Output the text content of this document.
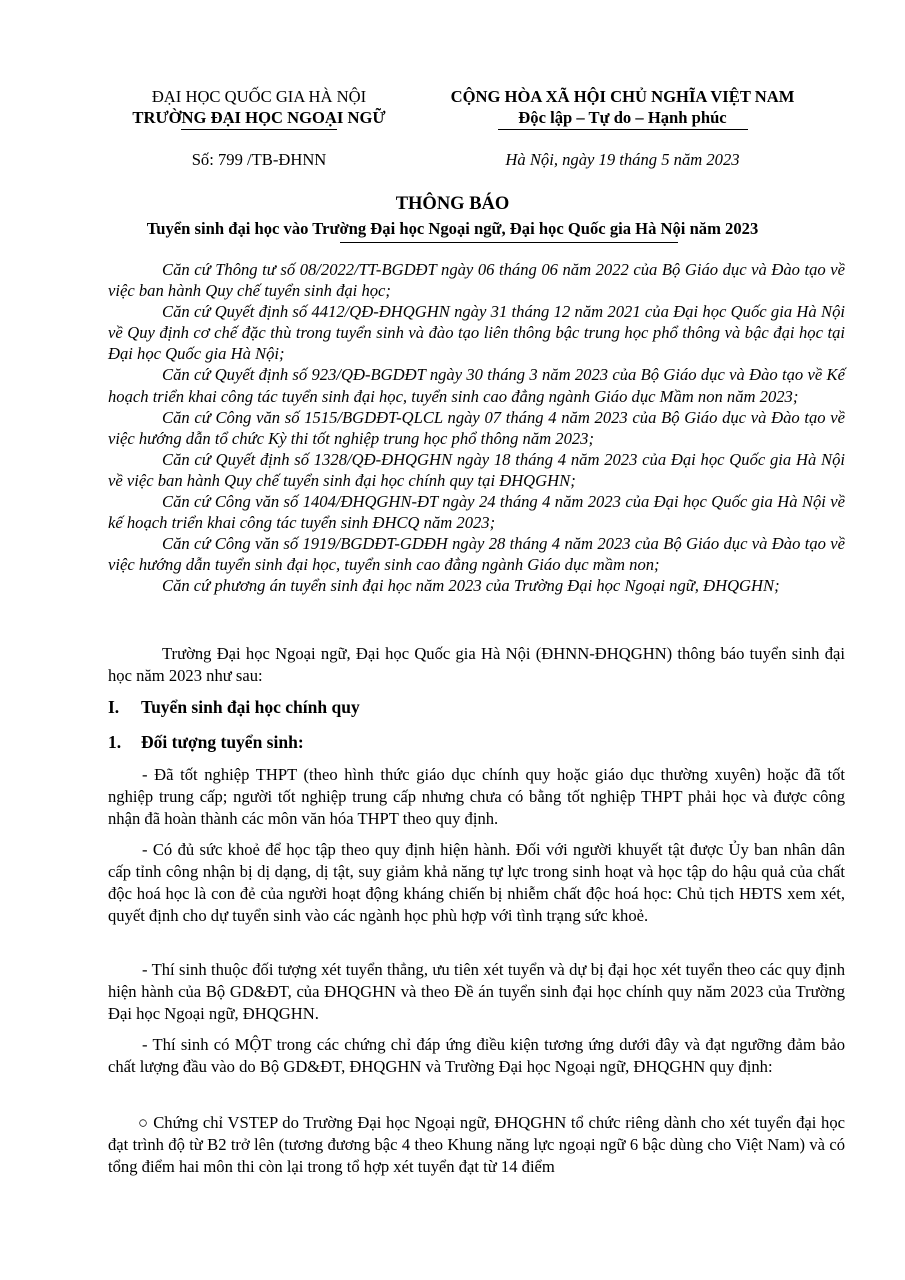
ĐẠI HỌC QUỐC GIA HÀ NỘI
TRƯỜNG ĐẠI HỌC NGOẠI NGỮ
CỘNG HÒA XÃ HỘI CHỦ NGHĨA VIỆT NAM
Độc lập – Tự do – Hạnh phúc
Số: 799 /TB-ĐHNN	Hà Nội, ngày 19 tháng 5 năm 2023
THÔNG BÁO
Tuyển sinh đại học vào Trường Đại học Ngoại ngữ, Đại học Quốc gia Hà Nội năm 2023

Căn cứ Thông tư số 08/2022/TT-BGDĐT ngày 06 tháng 06 năm 2022 của Bộ Giáo dục và Đào tạo về việc ban hành Quy chế tuyển sinh đại học;

Căn cứ Quyết định số 4412/QĐ-ĐHQGHN ngày 31 tháng 12 năm 2021 của Đại học Quốc gia Hà Nội về Quy định cơ chế đặc thù trong tuyển sinh và đào tạo liên thông bậc trung học phổ thông và bậc đại học tại Đại học Quốc gia Hà Nội;

Căn cứ Quyết định số 923/QĐ-BGDĐT ngày 30 tháng 3 năm 2023 của Bộ Giáo dục và Đào tạo về Kế hoạch triển khai công tác tuyển sinh đại học, tuyển sinh cao đẳng ngành Giáo dục Mầm non năm 2023;

Căn cứ Công văn số 1515/BGDĐT-QLCL ngày 07 tháng 4 năm 2023 của Bộ Giáo dục và Đào tạo về việc hướng dẫn tổ chức Kỳ thi tốt nghiệp trung học phổ thông năm 2023;

Căn cứ Quyết định số 1328/QĐ-ĐHQGHN ngày 18 tháng 4 năm 2023 của Đại học Quốc gia Hà Nội về việc ban hành Quy chế tuyển sinh đại học chính quy tại ĐHQGHN;

Căn cứ Công văn số 1404/ĐHQGHN-ĐT ngày 24 tháng 4 năm 2023 của Đại học Quốc gia Hà Nội về kế hoạch triển khai công tác tuyển sinh ĐHCQ năm 2023;

Căn cứ Công văn số 1919/BGDĐT-GDĐH ngày 28 tháng 4 năm 2023 của Bộ Giáo dục và Đào tạo về việc hướng dẫn tuyển sinh đại học, tuyển sinh cao đẳng ngành Giáo dục mầm non;

Căn cứ phương án tuyển sinh đại học năm 2023 của Trường Đại học Ngoại ngữ, ĐHQGHN;

Trường Đại học Ngoại ngữ, Đại học Quốc gia Hà Nội (ĐHNN-ĐHQGHN) thông báo tuyển sinh đại học năm 2023 như sau:

I. Tuyển sinh đại học chính quy
1. Đối tượng tuyển sinh:

- Đã tốt nghiệp THPT (theo hình thức giáo dục chính quy hoặc giáo dục thường xuyên) hoặc đã tốt nghiệp trung cấp; người tốt nghiệp trung cấp nhưng chưa có bằng tốt nghiệp THPT phải học và được công nhận đã hoàn thành các môn văn hóa THPT theo quy định.

- Có đủ sức khoẻ để học tập theo quy định hiện hành. Đối với người khuyết tật được Ủy ban nhân dân cấp tỉnh công nhận bị dị dạng, dị tật, suy giảm khả năng tự lực trong sinh hoạt và học tập do hậu quả của chất độc hoá học là con đẻ của người hoạt động kháng chiến bị nhiễm chất độc hoá học: Chủ tịch HĐTS xem xét, quyết định cho dự tuyển sinh vào các ngành học phù hợp với tình trạng sức khoẻ.

- Thí sinh thuộc đối tượng xét tuyển thẳng, ưu tiên xét tuyển và dự bị đại học xét tuyển theo các quy định hiện hành của Bộ GD&ĐT, của ĐHQGHN và theo Đề án tuyển sinh đại học chính quy năm 2023 của Trường Đại học Ngoại ngữ, ĐHQGHN.

- Thí sinh có MỘT trong các chứng chỉ đáp ứng điều kiện tương ứng dưới đây và đạt ngưỡng đảm bảo chất lượng đầu vào do Bộ GD&ĐT, ĐHQGHN và Trường Đại học Ngoại ngữ, ĐHQGHN quy định:

○ Chứng chỉ VSTEP do Trường Đại học Ngoại ngữ, ĐHQGHN tổ chức riêng dành cho xét tuyển đại học đạt trình độ từ B2 trở lên (tương đương bậc 4 theo Khung năng lực ngoại ngữ 6 bậc dùng cho Việt Nam) và có tổng điểm hai môn thi còn lại trong tổ hợp xét tuyển đạt từ 14 điểm
